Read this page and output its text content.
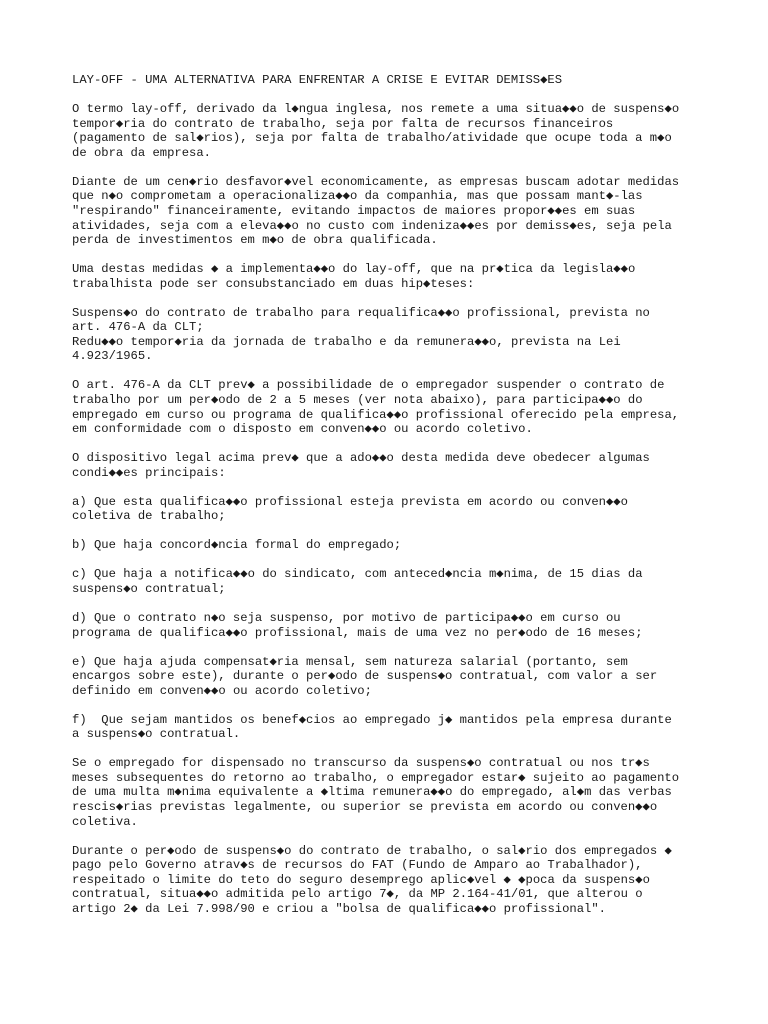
LAY-OFF - UMA ALTERNATIVA PARA ENFRENTAR A CRISE E EVITAR DEMISS◆ES
O termo lay-off, derivado da l◆ngua inglesa, nos remete a uma situa◆◆o de suspens◆o
tempor◆ria do contrato de trabalho, seja por falta de recursos financeiros
(pagamento de sal◆rios), seja por falta de trabalho/atividade que ocupe toda a m◆o
de obra da empresa.
Diante de um cen◆rio desfavor◆vel economicamente, as empresas buscam adotar medidas
que n◆o comprometam a operacionaliza◆◆o da companhia, mas que possam mant◆-las
"respirando" financeiramente, evitando impactos de maiores propor◆◆es em suas
atividades, seja com a eleva◆◆o no custo com indeniza◆◆es por demiss◆es, seja pela
perda de investimentos em m◆o de obra qualificada.
Uma destas medidas ◆ a implementa◆◆o do lay-off, que na pr◆tica da legisla◆◆o
trabalhista pode ser consubstanciado em duas hip◆teses:
Suspens◆o do contrato de trabalho para requalifica◆◆o profissional, prevista no
art. 476-A da CLT;
Redu◆◆o tempor◆ria da jornada de trabalho e da remunera◆◆o, prevista na Lei
4.923/1965.
O art. 476-A da CLT prev◆ a possibilidade de o empregador suspender o contrato de
trabalho por um per◆odo de 2 a 5 meses (ver nota abaixo), para participa◆◆o do
empregado em curso ou programa de qualifica◆◆o profissional oferecido pela empresa,
em conformidade com o disposto em conven◆◆o ou acordo coletivo.
O dispositivo legal acima prev◆ que a ado◆◆o desta medida deve obedecer algumas
condi◆◆es principais:
a) Que esta qualifica◆◆o profissional esteja prevista em acordo ou conven◆◆o
coletiva de trabalho;
b) Que haja concord◆ncia formal do empregado;
c) Que haja a notifica◆◆o do sindicato, com anteced◆ncia m◆nima, de 15 dias da
suspens◆o contratual;
d) Que o contrato n◆o seja suspenso, por motivo de participa◆◆o em curso ou
programa de qualifica◆◆o profissional, mais de uma vez no per◆odo de 16 meses;
e) Que haja ajuda compensat◆ria mensal, sem natureza salarial (portanto, sem
encargos sobre este), durante o per◆odo de suspens◆o contratual, com valor a ser
definido em conven◆◆o ou acordo coletivo;
f)  Que sejam mantidos os benef◆cios ao empregado j◆ mantidos pela empresa durante
a suspens◆o contratual.
Se o empregado for dispensado no transcurso da suspens◆o contratual ou nos tr◆s
meses subsequentes do retorno ao trabalho, o empregador estar◆ sujeito ao pagamento
de uma multa m◆nima equivalente a ◆ltima remunera◆◆o do empregado, al◆m das verbas
rescis◆rias previstas legalmente, ou superior se prevista em acordo ou conven◆◆o
coletiva.
Durante o per◆odo de suspens◆o do contrato de trabalho, o sal◆rio dos empregados ◆
pago pelo Governo atrav◆s de recursos do FAT (Fundo de Amparo ao Trabalhador),
respeitado o limite do teto do seguro desemprego aplic◆vel ◆ ◆poca da suspens◆o
contratual, situa◆◆o admitida pelo artigo 7◆, da MP 2.164-41/01, que alterou o
artigo 2◆ da Lei 7.998/90 e criou a "bolsa de qualifica◆◆o profissional".
